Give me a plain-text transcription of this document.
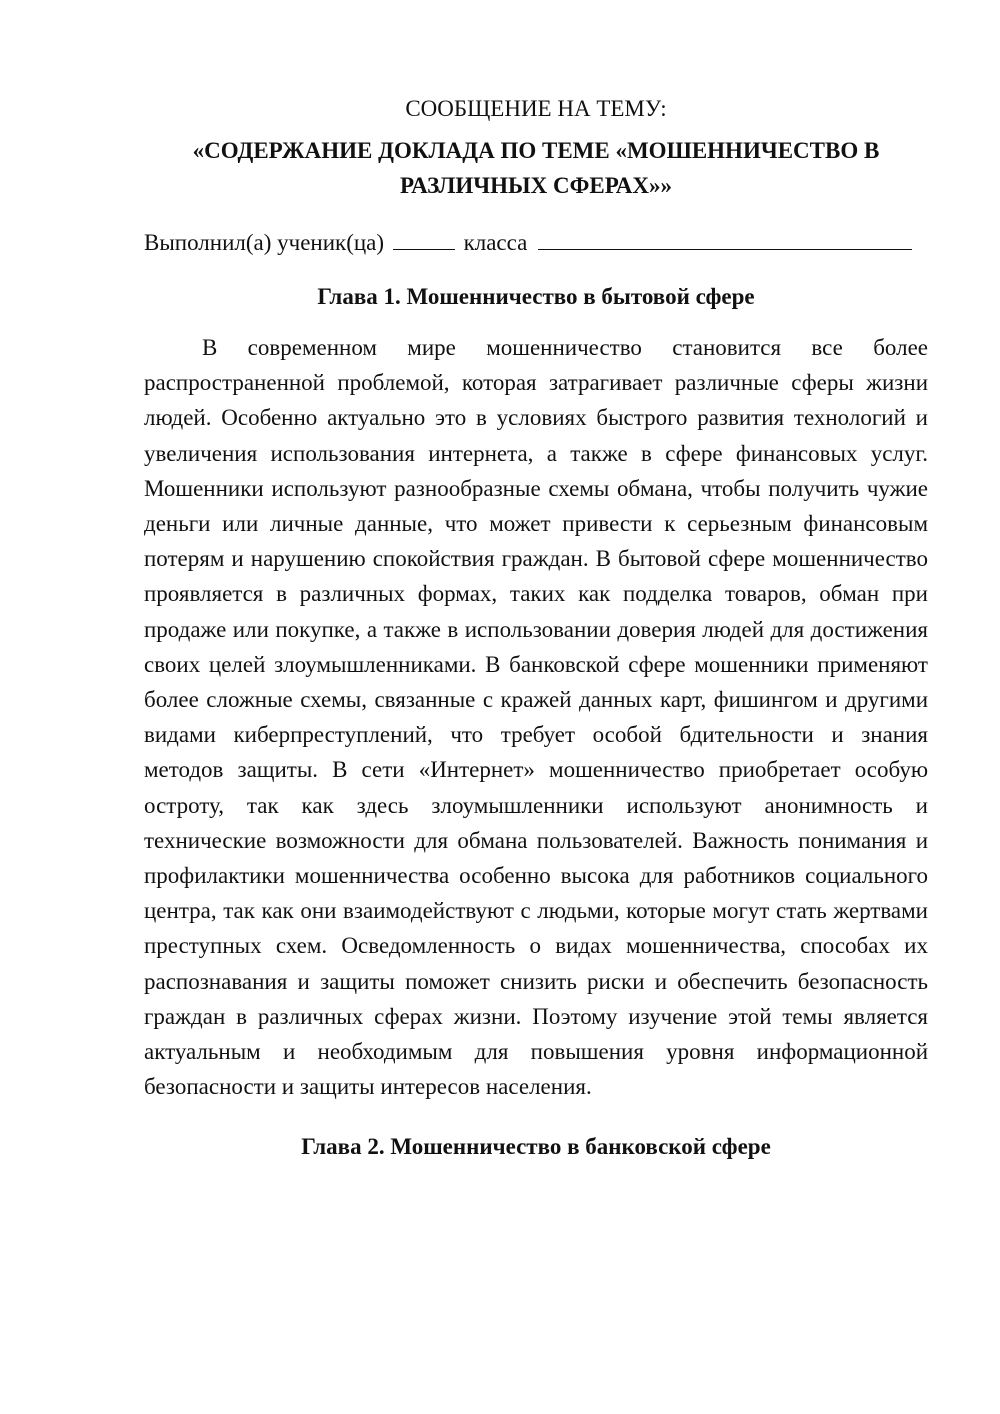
СООБЩЕНИЕ НА ТЕМУ:

«СОДЕРЖАНИЕ ДОКЛАДА ПО ТЕМЕ «МОШЕННИЧЕСТВО В РАЗЛИЧНЫХ СФЕРАХ»»

Выполнил(а) ученик(ца)	класса

Глава 1. Мошенничество в бытовой сфере

В современном мире мошенничество становится все более распространенной проблемой, которая затрагивает различные сферы жизни людей. Особенно актуально это в условиях быстрого развития технологий и увеличения использования интернета, а также в сфере финансовых услуг. Мошенники используют разнообразные схемы обмана, чтобы получить чужие деньги или личные данные, что может привести к серьезным финансовым потерям и нарушению спокойствия граждан. В бытовой сфере мошенничество проявляется в различных формах, таких как подделка товаров, обман при продаже или покупке, а также в использовании доверия людей для достижения своих целей злоумышленниками. В банковской сфере мошенники применяют более сложные схемы, связанные с кражей данных карт, фишингом и другими видами киберпреступлений, что требует особой бдительности и знания методов защиты. В сети «Интернет» мошенничество приобретает особую остроту, так как здесь злоумышленники используют анонимность и технические возможности для обмана пользователей. Важность понимания и профилактики мошенничества особенно высока для работников социального центра, так как они взаимодействуют с людьми, которые могут стать жертвами преступных схем. Осведомленность о видах мошенничества, способах их распознавания и защиты поможет снизить риски и обеспечить безопасность граждан в различных сферах жизни. Поэтому изучение этой темы является актуальным и необходимым для повышения уровня информационной безопасности и защиты интересов населения.

Глава 2. Мошенничество в банковской сфере
